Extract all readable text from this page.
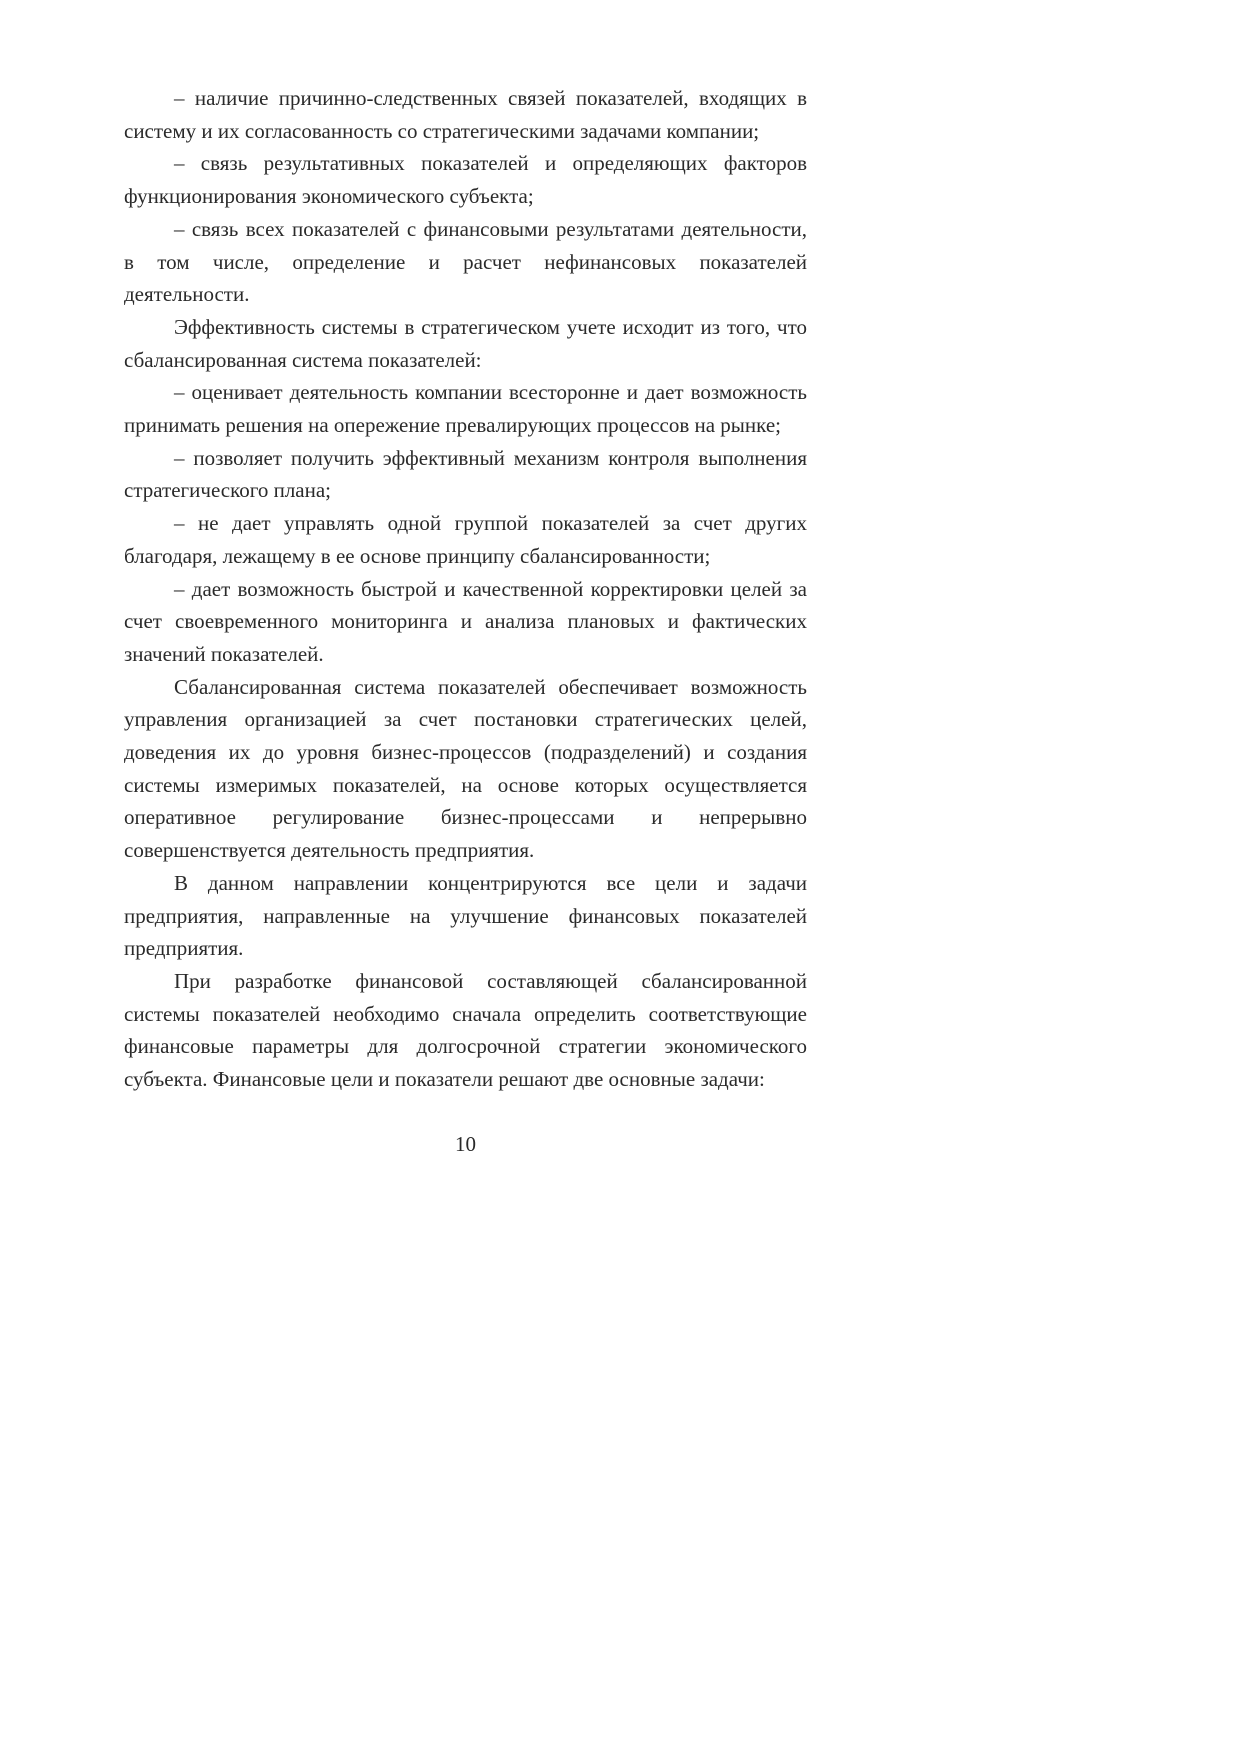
– наличие причинно-следственных связей показателей, входящих в систему и их согласованность со стратегическими задачами компании;

– связь результативных показателей и определяющих факторов функционирования экономического субъекта;

– связь всех показателей с финансовыми результатами деятельности, в том числе, определение и расчет нефинансовых показателей деятельности.

Эффективность системы в стратегическом учете исходит из того, что сбалансированная система показателей:

– оценивает деятельность компании всесторонне и дает возможность принимать решения на опережение превалирующих процессов на рынке;

– позволяет получить эффективный механизм контроля выполнения стратегического плана;

– не дает управлять одной группой показателей за счет других благодаря, лежащему в ее основе принципу сбалансированности;

– дает возможность быстрой и качественной корректировки целей за счет своевременного мониторинга и анализа плановых и фактических значений показателей.

Сбалансированная система показателей обеспечивает возможность управления организацией за счет постановки стратегических целей, доведения их до уровня бизнес-процессов (подразделений) и создания системы измеримых показателей, на основе которых осуществляется оперативное регулирование бизнес-процессами и непрерывно совершенствуется деятельность предприятия.

В данном направлении концентрируются все цели и задачи предприятия, направленные на улучшение финансовых показателей предприятия.

При разработке финансовой составляющей сбалансированной системы показателей необходимо сначала определить соответствующие финансовые параметры для долгосрочной стратегии экономического субъекта. Финансовые цели и показатели решают две основные задачи:

10
